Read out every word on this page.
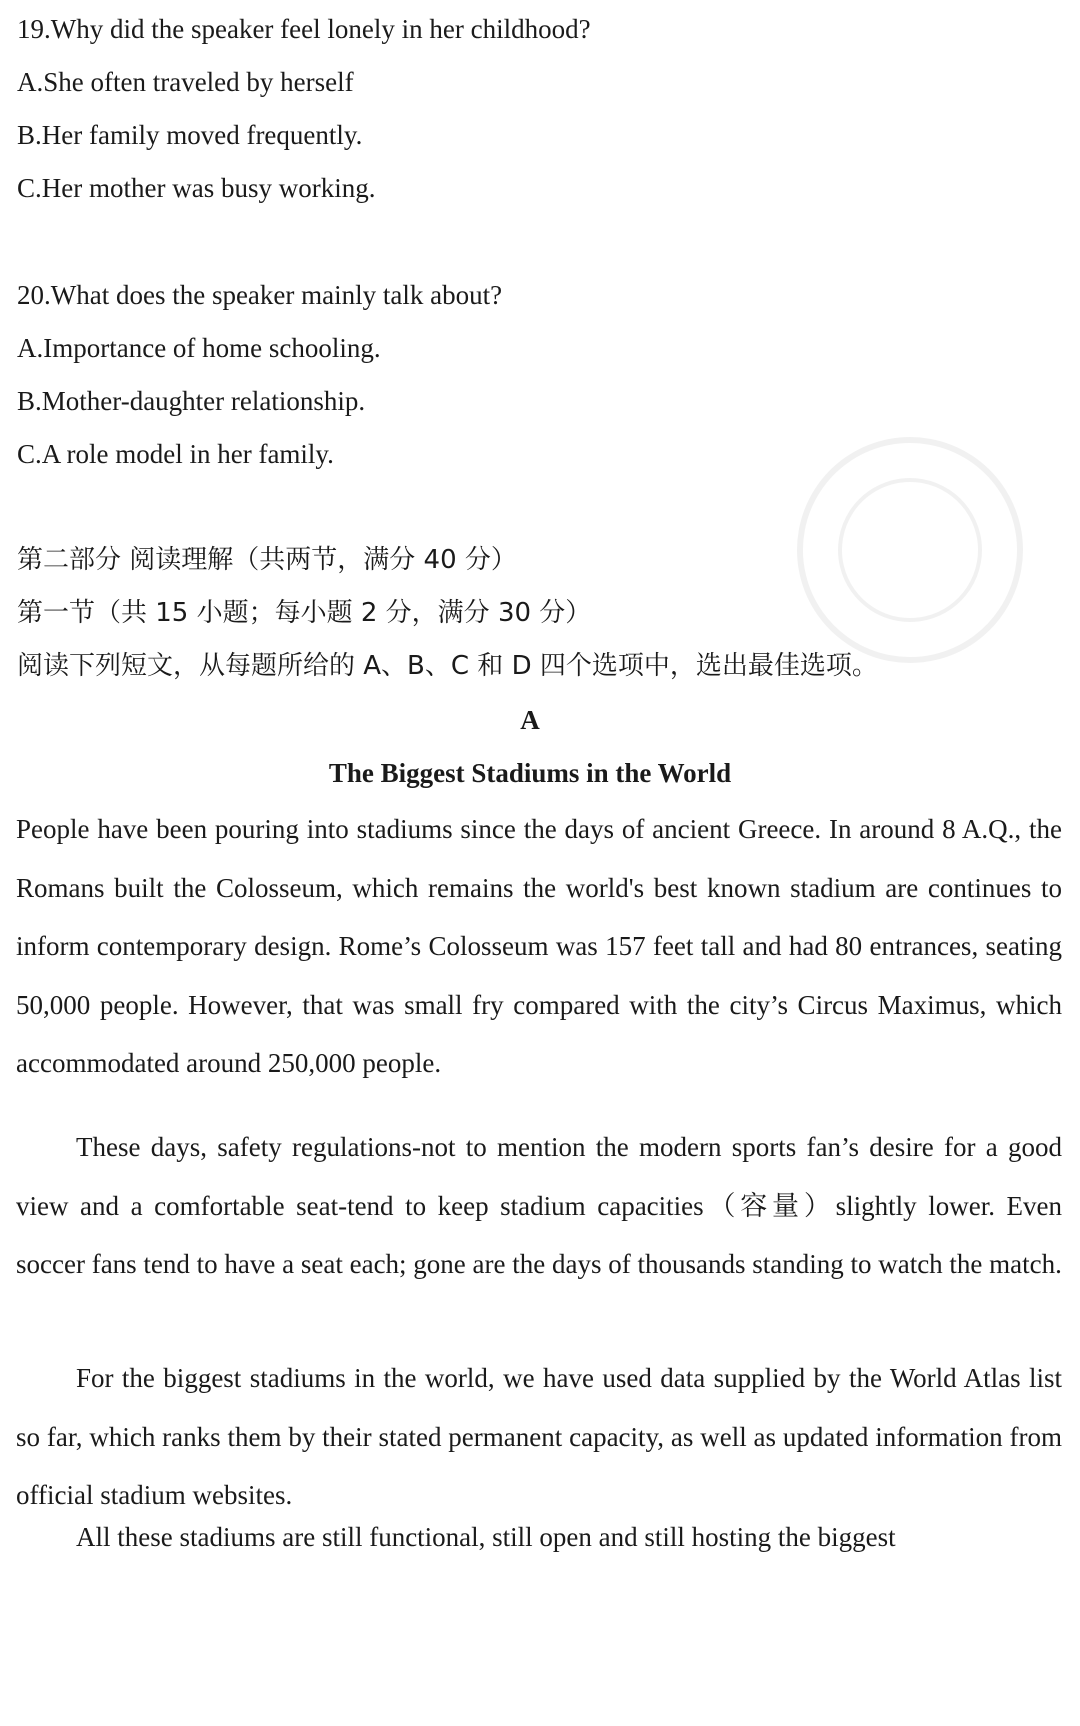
19.Why did the speaker feel lonely in her childhood?
A.She often traveled by herself
B.Her family moved frequently.
C.Her mother was busy working.
20.What does the speaker mainly talk about?
A.Importance of home schooling.
B.Mother-daughter relationship.
C.A role model in her family.
第二部分 阅读理解（共两节，满分 40 分）
第一节（共 15 小题；每小题 2 分，满分 30 分）
阅读下列短文，从每题所给的 A、B、C 和 D 四个选项中，选出最佳选项。
A
The Biggest Stadiums in the World
People have been pouring into stadiums since the days of ancient Greece. In around 8 A.Q., the Romans built the Colosseum, which remains the world's best known stadium are continues to inform contemporary design. Rome’s Colosseum was 157 feet tall and had 80 entrances, seating 50,000 people. However, that was small fry compared with the city’s Circus Maximus, which accommodated around 250,000 people.
These days, safety regulations-not to mention the modern sports fan’s desire for a good view and a comfortable seat-tend to keep stadium capacities（容量）slightly lower. Even soccer fans tend to have a seat each; gone are the days of thousands standing to watch the match.
For the biggest stadiums in the world, we have used data supplied by the World Atlas list so far, which ranks them by their stated permanent capacity, as well as updated information from official stadium websites.
All these stadiums are still functional, still open and still hosting the biggest
